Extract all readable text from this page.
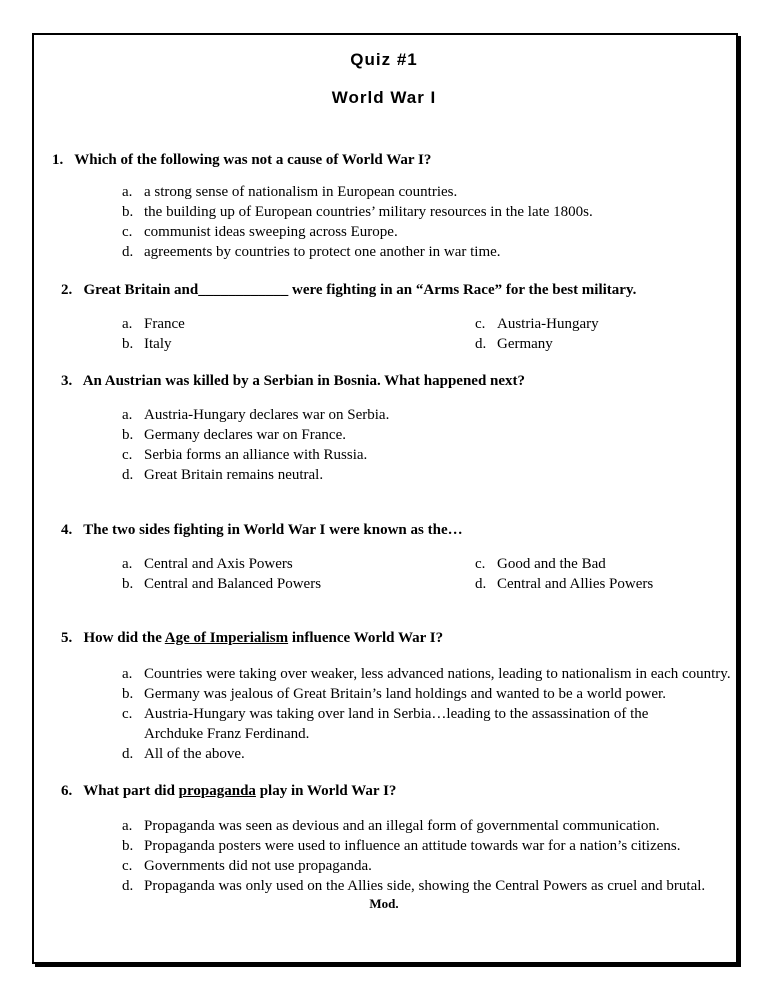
Quiz #1
World War I
1. Which of the following was not a cause of World War I?
a. a strong sense of nationalism in European countries.
b. the building up of European countries’ military resources in the late 1800s.
c. communist ideas sweeping across Europe.
d. agreements by countries to protect one another in war time.
2. Great Britain and____________ were fighting in an “Arms Race” for the best military.
a. France
b. Italy
c. Austria-Hungary
d. Germany
3. An Austrian was killed by a Serbian in Bosnia. What happened next?
a. Austria-Hungary declares war on Serbia.
b. Germany declares war on France.
c. Serbia forms an alliance with Russia.
d. Great Britain remains neutral.
4. The two sides fighting in World War I were known as the…
a. Central and Axis Powers
b. Central and Balanced Powers
c. Good and the Bad
d. Central and Allies Powers
5. How did the Age of Imperialism influence World War I?
a. Countries were taking over weaker, less advanced nations, leading to nationalism in each country.
b. Germany was jealous of Great Britain’s land holdings and wanted to be a world power.
c. Austria-Hungary was taking over land in Serbia…leading to the assassination of the
Archduke Franz Ferdinand.
d. All of the above.
6. What part did propaganda play in World War I?
a. Propaganda was seen as devious and an illegal form of governmental communication.
b. Propaganda posters were used to influence an attitude towards war for a nation’s citizens.
c. Governments did not use propaganda.
d. Propaganda was only used on the Allies side, showing the Central Powers as cruel and brutal.
Mod.
